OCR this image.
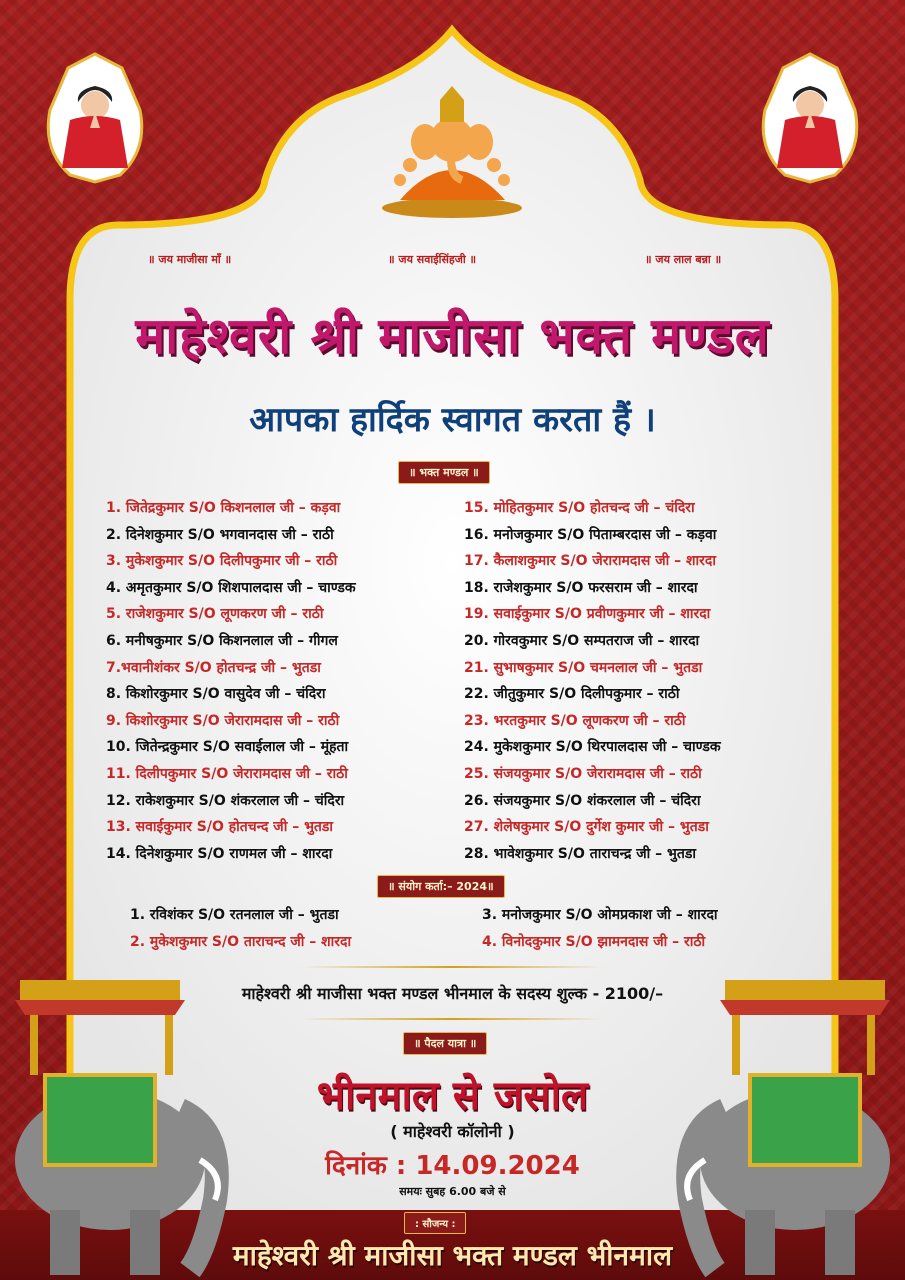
॥ जय माजीसा माँ ॥	॥ जय सवाईसिंहजी ॥	॥ जय लाल बन्ना ॥
माहेश्वरी श्री माजीसा भक्त मण्डल
आपका हार्दिक स्वागत करता हैं ।
॥ भक्त मण्डल ॥
1. जितेद्रकुमार S/O किशनलाल जी – कड़वा
2. दिनेशकुमार S/O भगवानदास जी – राठी
3. मुकेशकुमार S/O दिलीपकुमार जी – राठी
4. अमृतकुमार S/O शिशपालदास जी – चाण्डक
5. राजेशकुमार S/O लूणकरण जी – राठी
6. मनीषकुमार S/O किशनलाल जी – गीगल
7.भवानीशंकर S/O होतचन्द्र जी – भुतडा
8. किशोरकुमार S/O वासुदेव जी – चंदिरा
9. किशोरकुमार S/O जेरारामदास जी – राठी
10. जितेन्द्रकुमार S/O सवाईलाल जी – मूंहता
11. दिलीपकुमार S/O जेरारामदास जी – राठी
12. राकेशकुमार S/O शंकरलाल जी – चंदिरा
13. सवाईकुमार S/O होतचन्द जी – भुतडा
14. दिनेशकुमार S/O राणमल जी – शारदा
15. मोहितकुमार S/O होतचन्द जी – चंदिरा
16. मनोजकुमार S/O पिताम्बरदास जी – कड़वा
17. कैलाशकुमार S/O जेरारामदास जी – शारदा
18. राजेशकुमार S/O फरसराम जी – शारदा
19. सवाईकुमार S/O प्रवीणकुमार जी – शारदा
20. गोरवकुमार S/O सम्पतराज जी – शारदा
21. सुभाषकुमार S/O चमनलाल जी – भुतडा
22. जीतुकुमार S/O दिलीपकुमार – राठी
23. भरतकुमार S/O लूणकरण जी – राठी
24. मुकेशकुमार S/O थिरपालदास जी – चाण्डक
25. संजयकुमार S/O जेरारामदास जी – राठी
26. संजयकुमार S/O शंकरलाल जी – चंदिरा
27. शेलेषकुमार S/O दुर्गेश कुमार जी – भुतडा
28. भावेशकुमार S/O ताराचन्द्र जी – भुतडा
॥ संयोग कर्ता:– 2024॥
1. रविशंकर S/O रतनलाल जी – भुतडा
2. मुकेशकुमार S/O ताराचन्द जी – शारदा
3. मनोजकुमार S/O ओमप्रकाश जी – शारदा
4. विनोदकुमार S/O झामनदास जी – राठी
माहेश्वरी श्री माजीसा भक्त मण्डल भीनमाल के सदस्य शुल्क - 2100/–
॥ पैदल यात्रा ॥
भीनमाल से जसोल
( माहेश्वरी कॉलोनी )
दिनांक : 14.09.2024
समयः सुबह 6.00 बजे से
: सौजन्य :
माहेश्वरी श्री माजीसा भक्त मण्डल भीनमाल
